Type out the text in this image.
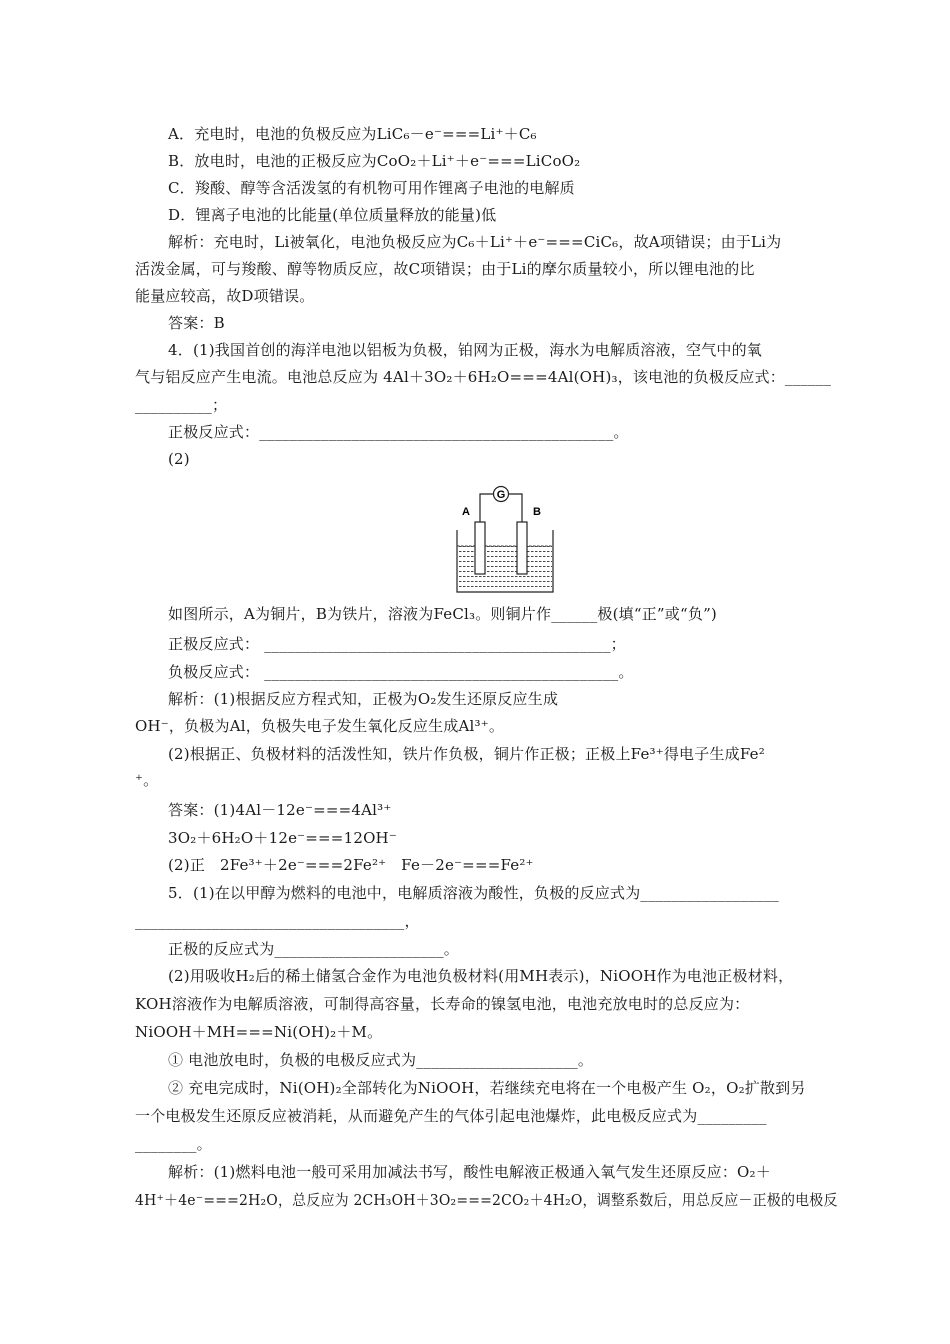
A．充电时，电池的负极反应为LiC₆－e⁻===Li⁺＋C₆
B．放电时，电池的正极反应为CoO₂＋Li⁺＋e⁻===LiCoO₂
C．羧酸、醇等含活泼氢的有机物可用作锂离子电池的电解质
D．锂离子电池的比能量(单位质量释放的能量)低
解析：充电时，Li被氧化，电池负极反应为C₆＋Li⁺＋e⁻===CiC₆，故A项错误；由于Li为
活泼金属，可与羧酸、醇等物质反应，故C项错误；由于Li的摩尔质量较小，所以锂电池的比
能量应较高，故D项错误。
答案：B
4．(1)我国首创的海洋电池以铝板为负极，铂网为正极，海水为电解质溶液，空气中的氧
气与铝反应产生电流。电池总反应为 4Al＋3O₂＋6H₂O===4Al(OH)₃，该电池的负极反应式：______
__________；
正极反应式：______________________________________________。
(2)
G
A	B
如图所示，A为铜片，B为铁片，溶液为FeCl₃。则铜片作______极(填“正”或“负”)
正极反应式： _____________________________________________；
负极反应式： ______________________________________________。
解析：(1)根据反应方程式知，正极为O₂发生还原反应生成
OH⁻，负极为Al，负极失电子发生氧化反应生成Al³⁺。
(2)根据正、负极材料的活泼性知，铁片作负极，铜片作正极；正极上Fe³⁺得电子生成Fe²
⁺。
答案：(1)4Al－12e⁻===4Al³⁺
3O₂＋6H₂O＋12e⁻===12OH⁻
(2)正   2Fe³⁺＋2e⁻===2Fe²⁺   Fe－2e⁻===Fe²⁺
5．(1)在以甲醇为燃料的电池中，电解质溶液为酸性，负极的反应式为__________________
___________________________________，
正极的反应式为______________________。
(2)用吸收H₂后的稀土储氢合金作为电池负极材料(用MH表示)，NiOOH作为电池正极材料，
KOH溶液作为电解质溶液，可制得高容量，长寿命的镍氢电池，电池充放电时的总反应为：
NiOOH＋MH===Ni(OH)₂＋M。
① 电池放电时，负极的电极反应式为_____________________。
② 充电完成时，Ni(OH)₂全部转化为NiOOH，若继续充电将在一个电极产生 O₂，O₂扩散到另
一个电极发生还原反应被消耗，从而避免产生的气体引起电池爆炸，此电极反应式为_________
________。
解析：(1)燃料电池一般可采用加减法书写，酸性电解液正极通入氧气发生还原反应：O₂＋
4H⁺＋4e⁻===2H₂O，总反应为 2CH₃OH＋3O₂===2CO₂＋4H₂O，调整系数后，用总反应－正极的电极反
